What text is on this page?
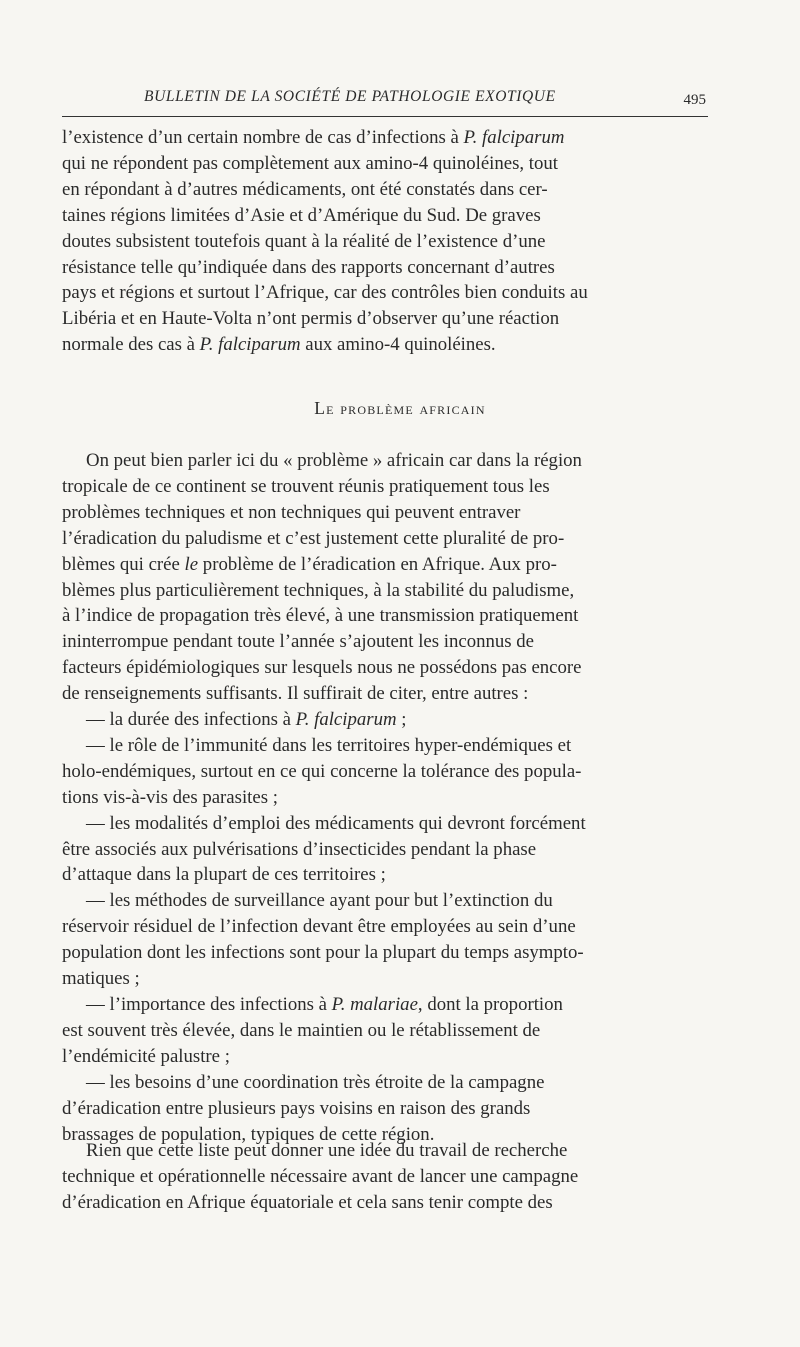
BULLETIN DE LA SOCIÉTÉ DE PATHOLOGIE EXOTIQUE	495
l’existence d’un certain nombre de cas d’infections à P. falciparum
qui ne répondent pas complètement aux amino-4 quinoléines, tout
en répondant à d’autres médicaments, ont été constatés dans cer-
taines régions limitées d’Asie et d’Amérique du Sud. De graves
doutes subsistent toutefois quant à la réalité de l’existence d’une
résistance telle qu’indiquée dans des rapports concernant d’autres
pays et régions et surtout l’Afrique, car des contrôles bien conduits au
Libéria et en Haute-Volta n’ont permis d’observer qu’une réaction
normale des cas à P. falciparum aux amino-4 quinoléines.
Le problème africain
On peut bien parler ici du « problème » africain car dans la région
tropicale de ce continent se trouvent réunis pratiquement tous les
problèmes techniques et non techniques qui peuvent entraver
l’éradication du paludisme et c’est justement cette pluralité de pro-
blèmes qui crée le problème de l’éradication en Afrique. Aux pro-
blèmes plus particulièrement techniques, à la stabilité du paludisme,
à l’indice de propagation très élevé, à une transmission pratiquement
ininterrompue pendant toute l’année s’ajoutent les inconnus de
facteurs épidémiologiques sur lesquels nous ne possédons pas encore
de renseignements suffisants. Il suffirait de citer, entre autres :
— la durée des infections à P. falciparum ;
— le rôle de l’immunité dans les territoires hyper-endémiques et
holo-endémiques, surtout en ce qui concerne la tolérance des popula-
tions vis-à-vis des parasites ;
— les modalités d’emploi des médicaments qui devront forcément
être associés aux pulvérisations d’insecticides pendant la phase
d’attaque dans la plupart de ces territoires ;
— les méthodes de surveillance ayant pour but l’extinction du
réservoir résiduel de l’infection devant être employées au sein d’une
population dont les infections sont pour la plupart du temps asympto-
matiques ;
— l’importance des infections à P. malariae, dont la proportion
est souvent très élevée, dans le maintien ou le rétablissement de
l’endémicité palustre ;
— les besoins d’une coordination très étroite de la campagne
d’éradication entre plusieurs pays voisins en raison des grands
brassages de population, typiques de cette région.
Rien que cette liste peut donner une idée du travail de recherche
technique et opérationnelle nécessaire avant de lancer une campagne
d’éradication en Afrique équatoriale et cela sans tenir compte des
